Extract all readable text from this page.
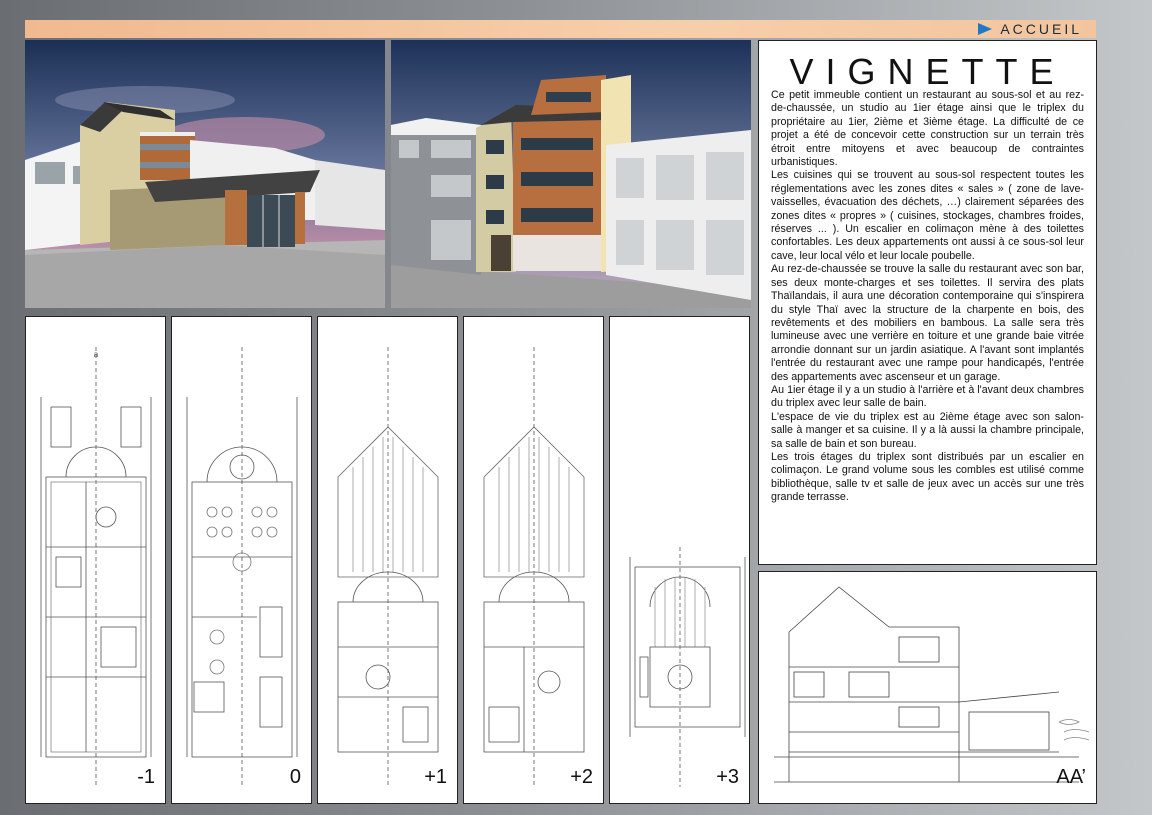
ACCUEIL
VIGNETTE

Ce petit immeuble contient un restaurant au sous-sol et au rez-de-chaussée, un studio au 1ier étage ainsi que le triplex du propriétaire au 1ier, 2ième et 3ième étage. La difficulté de ce projet a été de concevoir cette construction sur un terrain très étroit entre mitoyens et avec beaucoup de contraintes urbanistiques.

Les cuisines qui se trouvent au sous-sol respectent toutes les réglementations avec les zones dites « sales » ( zone de lave-vaisselles, évacuation des déchets, …) clairement séparées des zones dites « propres » ( cuisines, stockages, chambres froides, réserves ... ). Un escalier en colimaçon mène à des toilettes confortables. Les deux appartements ont aussi à ce sous-sol leur cave, leur local vélo et leur locale poubelle.

Au rez-de-chaussée se trouve la salle du restaurant avec son bar, ses deux monte-charges et ses toilettes. Il servira des plats Thaïlandais, il aura une décoration contemporaine qui s'inspirera du style Thaï avec la structure de la charpente en bois, des revêtements et des mobiliers en bambous. La salle sera très lumineuse avec une verrière en toiture et une grande baie vitrée arrondie donnant sur un jardin asiatique. A l'avant sont implantés l'entrée du restaurant avec une rampe pour handicapés, l'entrée des appartements avec ascenseur et un garage.

Au 1ier étage il y a un studio à l'arrière et à l'avant deux chambres du triplex avec leur salle de bain.

L'espace de vie du triplex est au 2ième étage avec son salon-salle à manger et sa cuisine. Il y a là aussi la chambre principale, sa salle de bain et son bureau.

Les trois étages du triplex sont distribués par un escalier en colimaçon. Le grand volume sous les combles est utilisé comme bibliothèque, salle tv et salle de jeux avec un accès sur une très grande terrasse.

a
-1	0	+1	+2	+3	AA’
